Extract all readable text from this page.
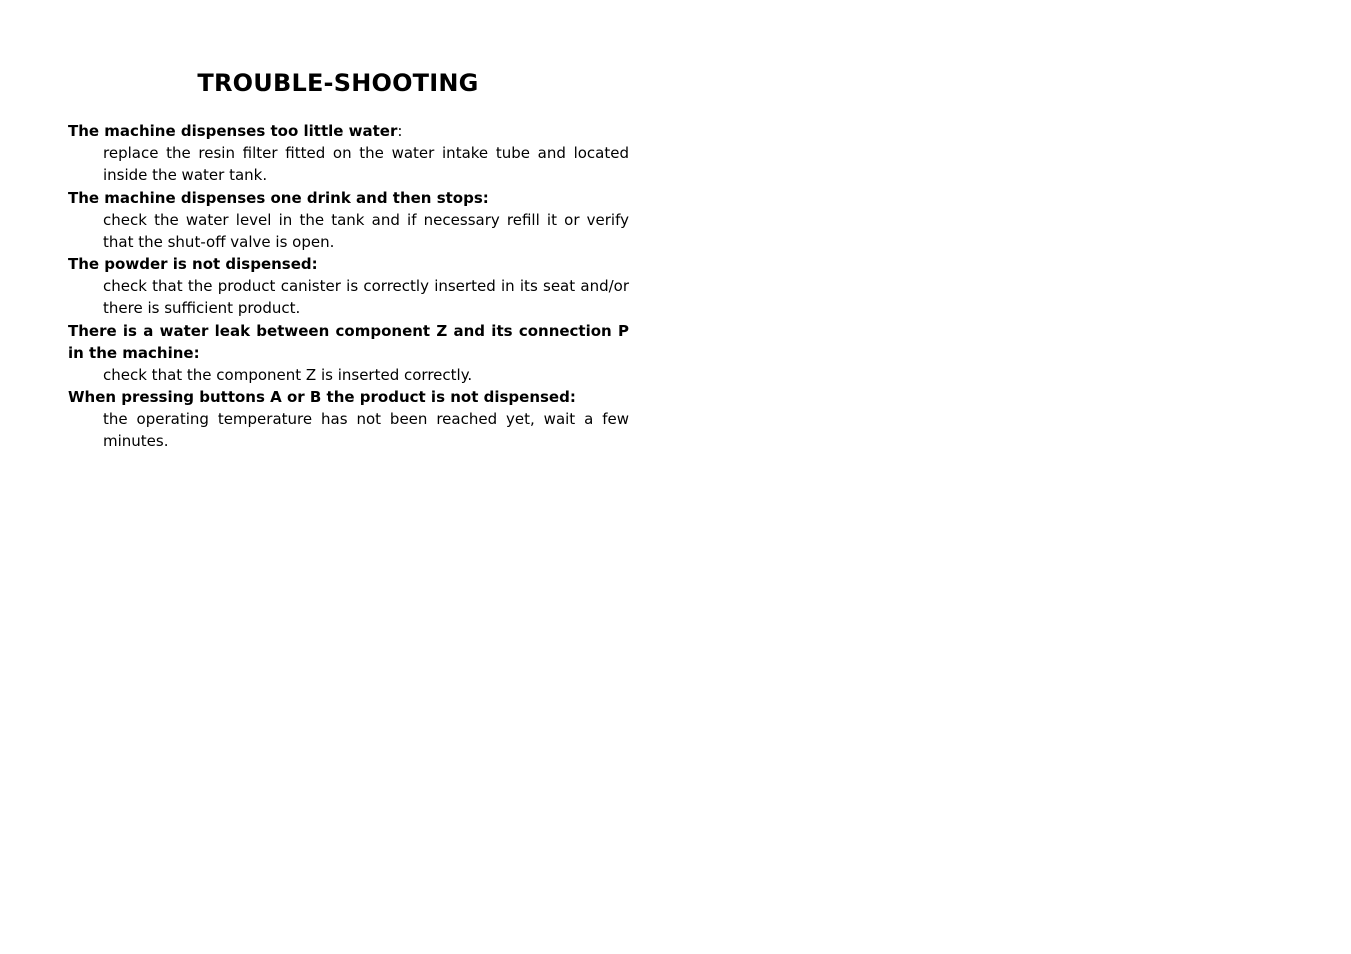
TROUBLE-SHOOTING

The machine dispenses too little water:

replace the resin filter fitted on the water intake tube and located inside the water tank.

The machine dispenses one drink and then stops:

check the water level in the tank and if necessary refill it or verify that the shut-off valve is open.

The powder is not dispensed:

check that the product canister is correctly inserted in its seat and/or there is sufficient product.

There is a water leak between component Z and its connection P in the machine:

check that the component Z is inserted correctly.

When pressing buttons A or B the product is not dispensed:

the operating temperature has not been reached yet, wait a few minutes.
